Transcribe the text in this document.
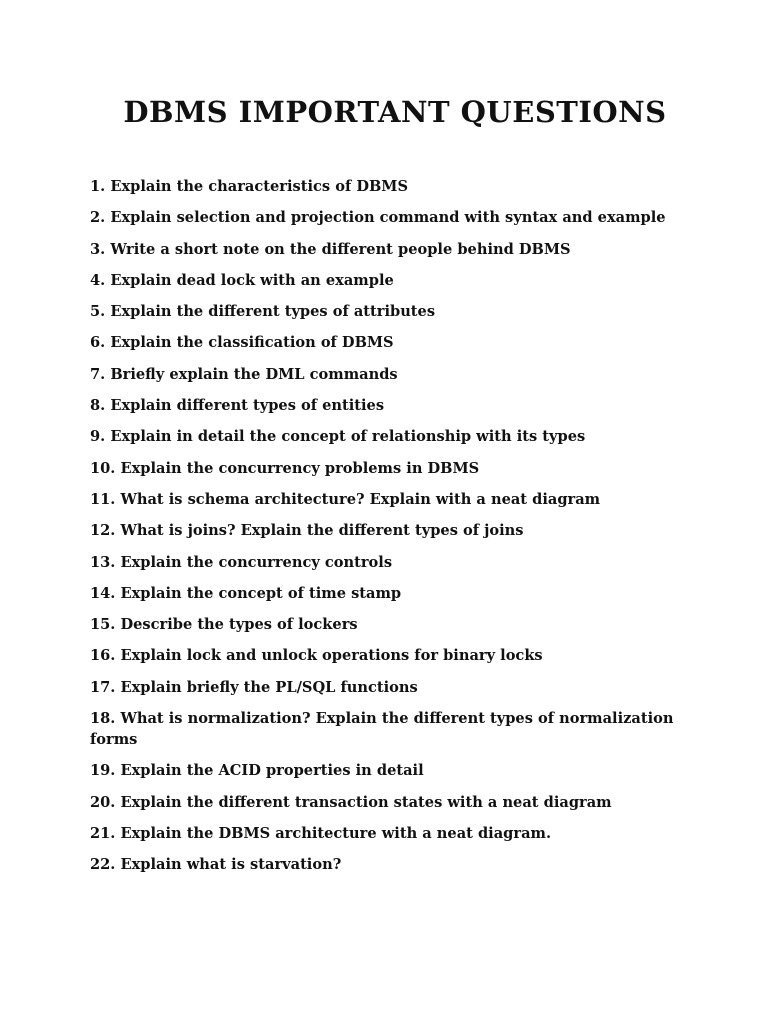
DBMS IMPORTANT QUESTIONS
1. Explain the characteristics of DBMS
2. Explain selection and projection command with syntax and example
3. Write a short note on the different people behind DBMS
4. Explain dead lock with an example
5. Explain the different types of attributes
6. Explain the classification of DBMS
7. Briefly explain the DML commands
8. Explain different types of entities
9. Explain in detail the concept of relationship with its types
10. Explain the concurrency problems in DBMS
11. What is schema architecture? Explain with a neat diagram
12. What is joins? Explain the different types of joins
13. Explain the concurrency controls
14. Explain the concept of time stamp
15. Describe the types of lockers
16. Explain lock and unlock operations for binary locks
17. Explain briefly the PL/SQL functions
18. What is normalization? Explain the different types of normalization forms
19. Explain the ACID properties in detail
20. Explain the different transaction states with a neat diagram
21. Explain the DBMS architecture with a neat diagram.
22. Explain what is starvation?
